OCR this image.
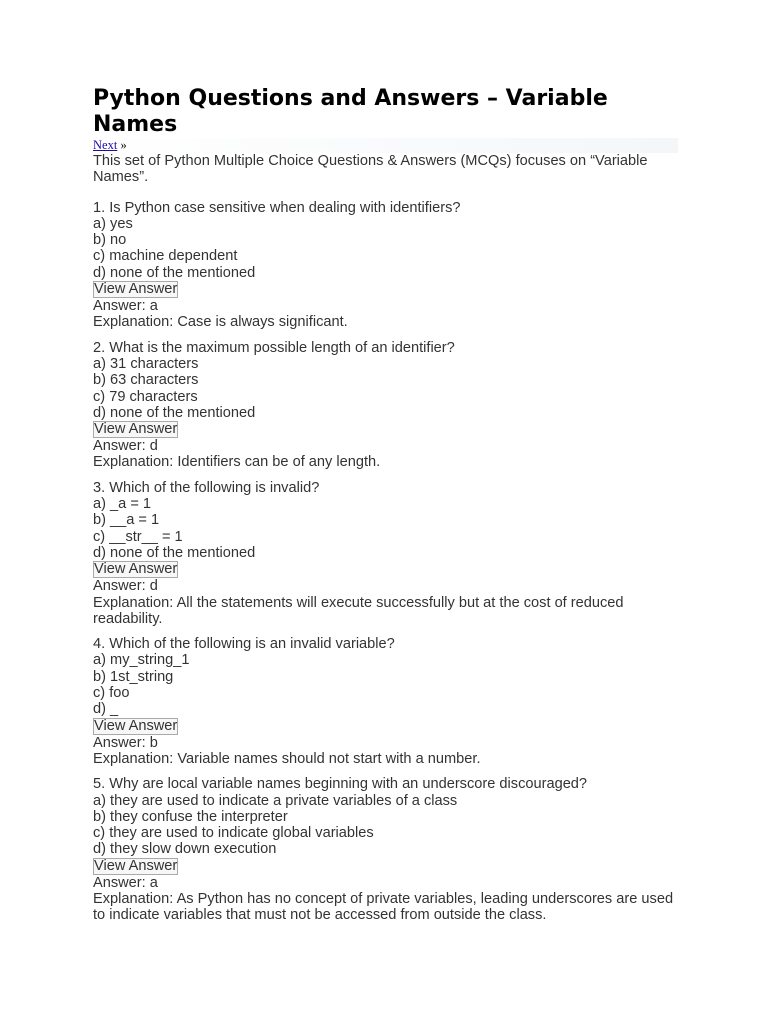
Python Questions and Answers – Variable Names
Next »

This set of Python Multiple Choice Questions & Answers (MCQs) focuses on “Variable Names”.

1. Is Python case sensitive when dealing with identifiers?
a) yes
b) no
c) machine dependent
d) none of the mentioned
View Answer
Answer: a
Explanation: Case is always significant.
2. What is the maximum possible length of an identifier?
a) 31 characters
b) 63 characters
c) 79 characters
d) none of the mentioned
View Answer
Answer: d
Explanation: Identifiers can be of any length.
3. Which of the following is invalid?
a) _a = 1
b) __a = 1
c) __str__ = 1
d) none of the mentioned
View Answer
Answer: d
Explanation: All the statements will execute successfully but at the cost of reduced readability.
4. Which of the following is an invalid variable?
a) my_string_1
b) 1st_string
c) foo
d) _
View Answer
Answer: b
Explanation: Variable names should not start with a number.
5. Why are local variable names beginning with an underscore discouraged?
a) they are used to indicate a private variables of a class
b) they confuse the interpreter
c) they are used to indicate global variables
d) they slow down execution
View Answer
Answer: a
Explanation: As Python has no concept of private variables, leading underscores are used to indicate variables that must not be accessed from outside the class.
